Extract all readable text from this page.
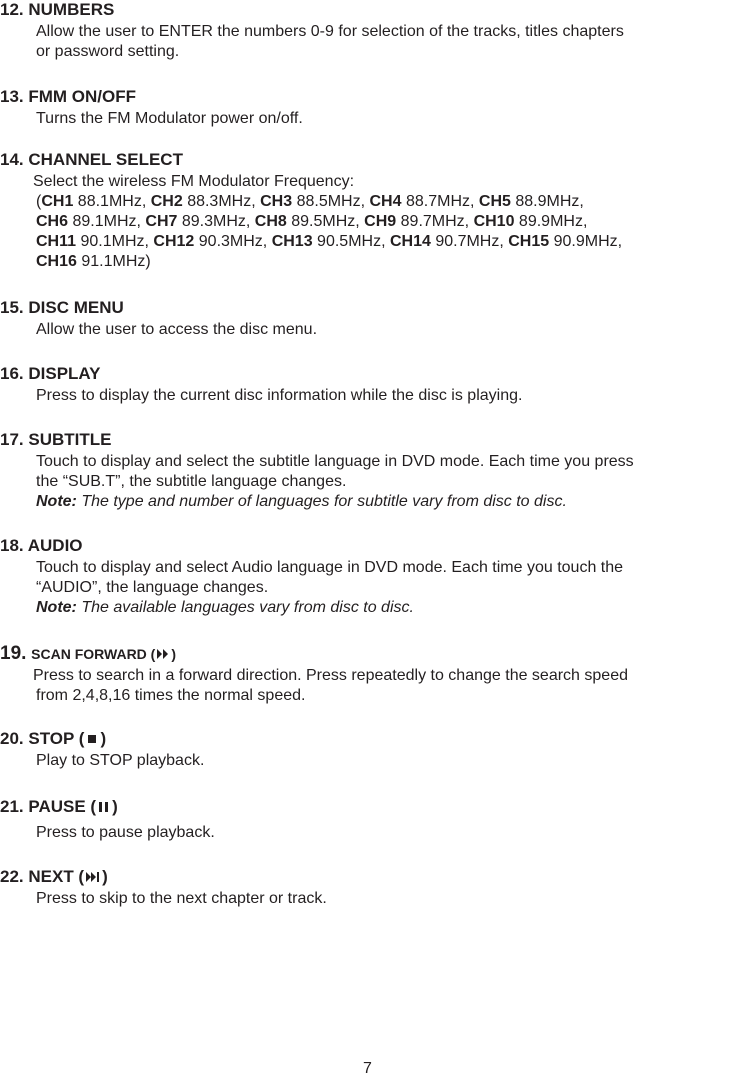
12. NUMBERS
Allow the user to ENTER the numbers 0-9 for selection of the tracks, titles chapters
or password setting.
13. FMM ON/OFF
Turns the FM Modulator power on/off.
14. CHANNEL SELECT
Select the wireless FM Modulator Frequency:
(CH1 88.1MHz, CH2 88.3MHz, CH3 88.5MHz, CH4 88.7MHz, CH5 88.9MHz,
CH6 89.1MHz, CH7 89.3MHz, CH8 89.5MHz, CH9 89.7MHz, CH10 89.9MHz,
CH11 90.1MHz, CH12 90.3MHz, CH13 90.5MHz, CH14 90.7MHz, CH15 90.9MHz,
CH16 91.1MHz)
15. DISC MENU
Allow the user to access the disc menu.
16. DISPLAY
Press to display the current disc information while the disc is playing.
17. SUBTITLE
Touch to display and select the subtitle language in DVD mode. Each time you press
the “SUB.T”, the subtitle language changes.
Note: The type and number of languages for subtitle vary from disc to disc.
18. AUDIO
Touch to display and select Audio language in DVD mode. Each time you touch the
“AUDIO”, the language changes.
Note: The available languages vary from disc to disc.
19. SCAN FORWARD ( )
Press to search in a forward direction. Press repeatedly to change the search speed
from 2,4,8,16 times the normal speed.
20. STOP ( )
Play to STOP playback.
21. PAUSE ( )
Press to pause playback.
22. NEXT ( )
Press to skip to the next chapter or track.
7
